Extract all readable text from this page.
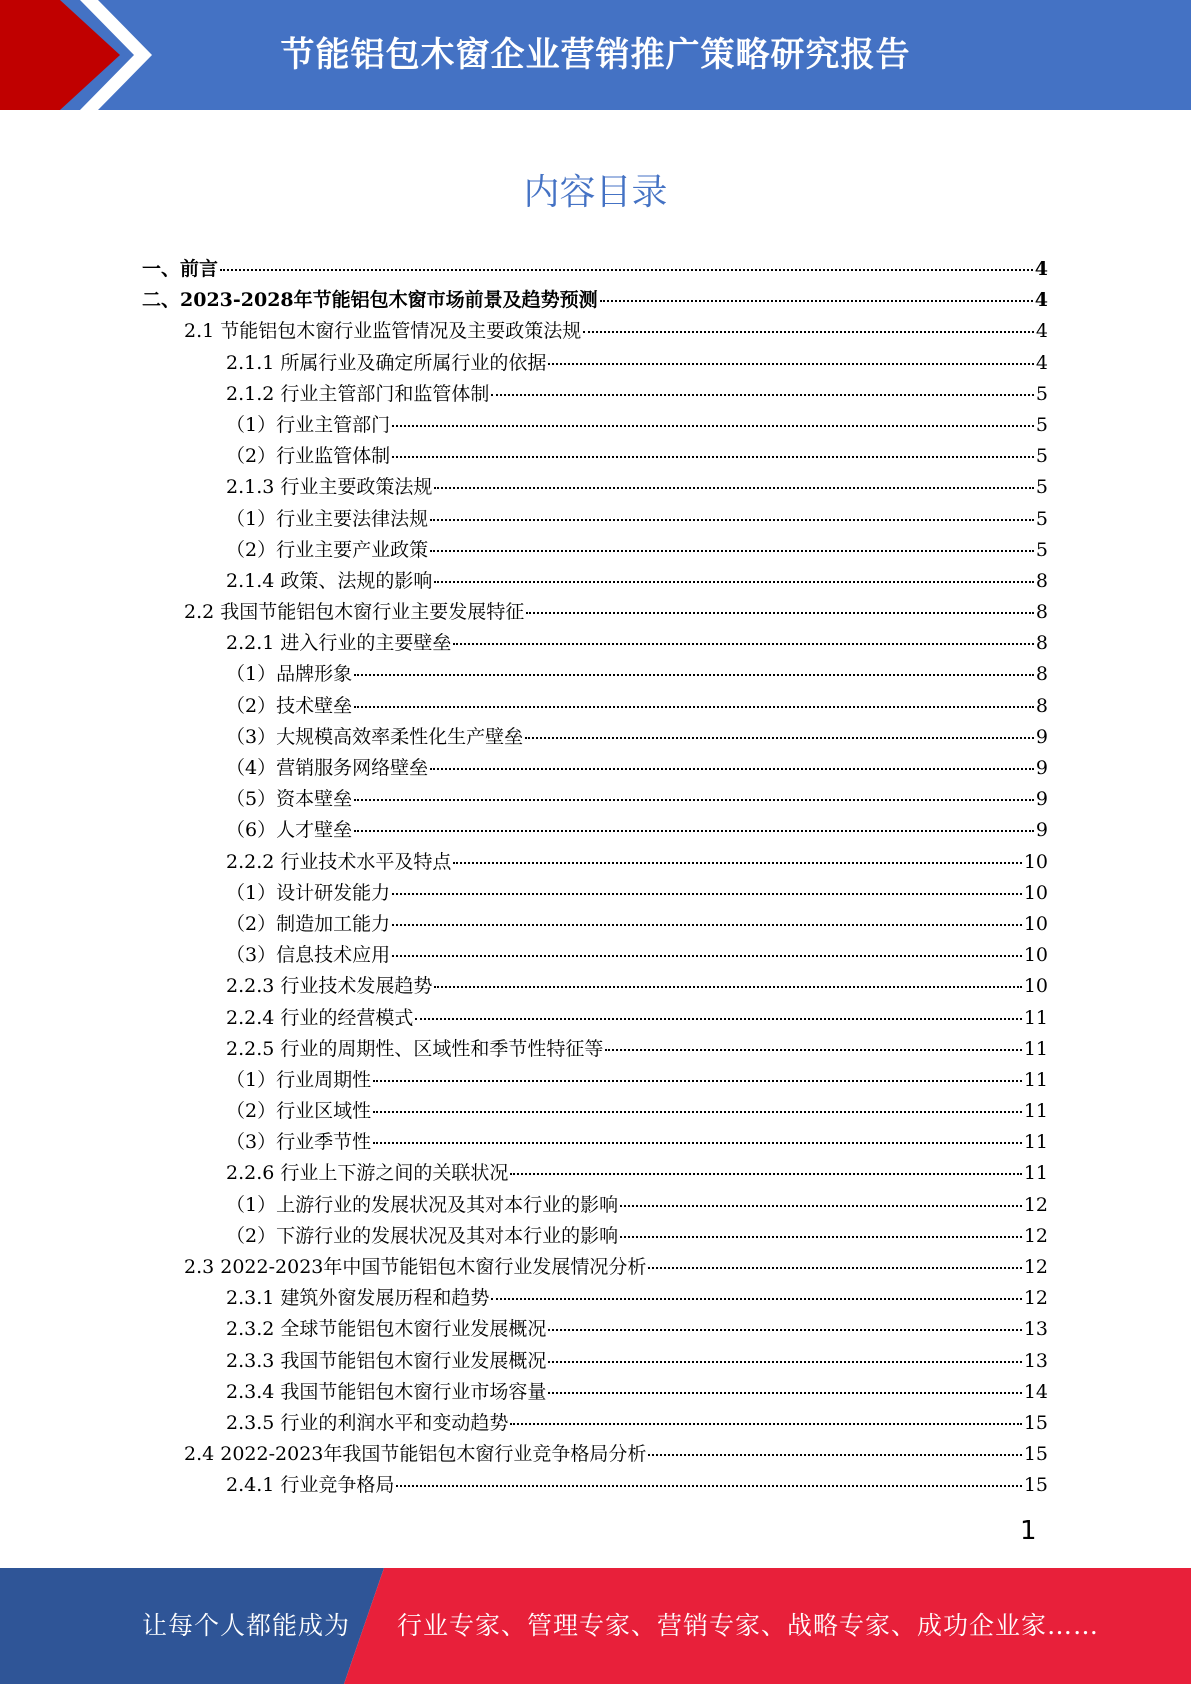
节能铝包木窗企业营销推广策略研究报告
内容目录
一、前言	4
二、2023-2028年节能铝包木窗市场前景及趋势预测	4
2.1 节能铝包木窗行业监管情况及主要政策法规	4
2.1.1 所属行业及确定所属行业的依据	4
2.1.2 行业主管部门和监管体制	5
（1）行业主管部门	5
（2）行业监管体制	5
2.1.3 行业主要政策法规	5
（1）行业主要法律法规	5
（2）行业主要产业政策	5
2.1.4 政策、法规的影响	8
2.2 我国节能铝包木窗行业主要发展特征	8
2.2.1 进入行业的主要壁垒	8
（1）品牌形象	8
（2）技术壁垒	8
（3）大规模高效率柔性化生产壁垒	9
（4）营销服务网络壁垒	9
（5）资本壁垒	9
（6）人才壁垒	9
2.2.2 行业技术水平及特点	10
（1）设计研发能力	10
（2）制造加工能力	10
（3）信息技术应用	10
2.2.3 行业技术发展趋势	10
2.2.4 行业的经营模式	11
2.2.5 行业的周期性、区域性和季节性特征等	11
（1）行业周期性	11
（2）行业区域性	11
（3）行业季节性	11
2.2.6 行业上下游之间的关联状况	11
（1）上游行业的发展状况及其对本行业的影响	12
（2）下游行业的发展状况及其对本行业的影响	12
2.3 2022-2023年中国节能铝包木窗行业发展情况分析	12
2.3.1 建筑外窗发展历程和趋势	12
2.3.2 全球节能铝包木窗行业发展概况	13
2.3.3 我国节能铝包木窗行业发展概况	13
2.3.4 我国节能铝包木窗行业市场容量	14
2.3.5 行业的利润水平和变动趋势	15
2.4 2022-2023年我国节能铝包木窗行业竞争格局分析	15
2.4.1 行业竞争格局	15
1
让每个人都能成为 行业专家、管理专家、营销专家、战略专家、成功企业家……
